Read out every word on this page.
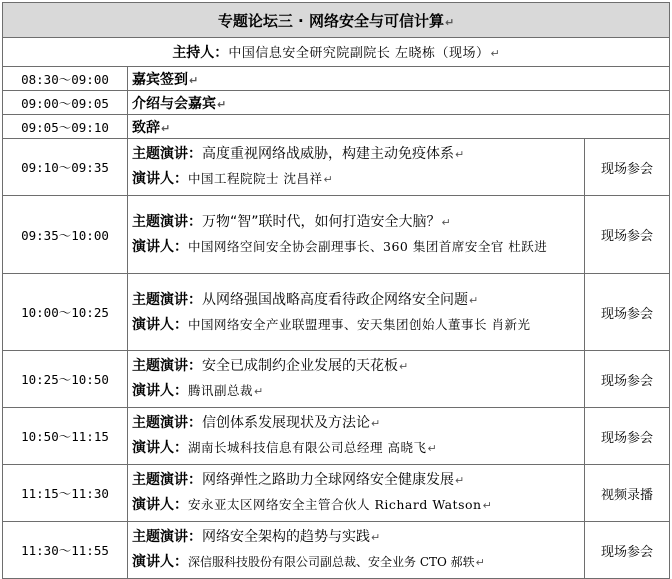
专题论坛三 · 网络安全与可信计算↵		
主持人：中国信息安全研究院副院长 左晓栋（现场）↵		
08:30～09:00	嘉宾签到↵	
09:00～09:05	介绍与会嘉宾↵	
09:05～09:10	致辞↵	
09:10～09:35	主题演讲：高度重视网络战威胁，构建主动免疫体系↵
演讲人：中国工程院院士 沈昌祥↵	现场参会
09:35～10:00	主题演讲：万物“智”联时代，如何打造安全大脑？↵
演讲人：中国网络空间安全协会副理事长、360 集团首席安全官 杜跃进	现场参会
10:00～10:25	主题演讲：从网络强国战略高度看待政企网络安全问题↵
演讲人：中国网络安全产业联盟理事、安天集团创始人董事长 肖新光	现场参会
10:25～10:50	主题演讲：安全已成制约企业发展的天花板↵
演讲人：腾讯副总裁↵	现场参会
10:50～11:15	主题演讲：信创体系发展现状及方法论↵
演讲人：湖南长城科技信息有限公司总经理 高晓飞↵	现场参会
11:15～11:30	主题演讲：网络弹性之路助力全球网络安全健康发展↵
演讲人：安永亚太区网络安全主管合伙人 Richard Watson↵	视频录播
11:30～11:55	主题演讲：网络安全架构的趋势与实践↵
演讲人：深信服科技股份有限公司副总裁、安全业务 CTO 郝轶↵	现场参会
